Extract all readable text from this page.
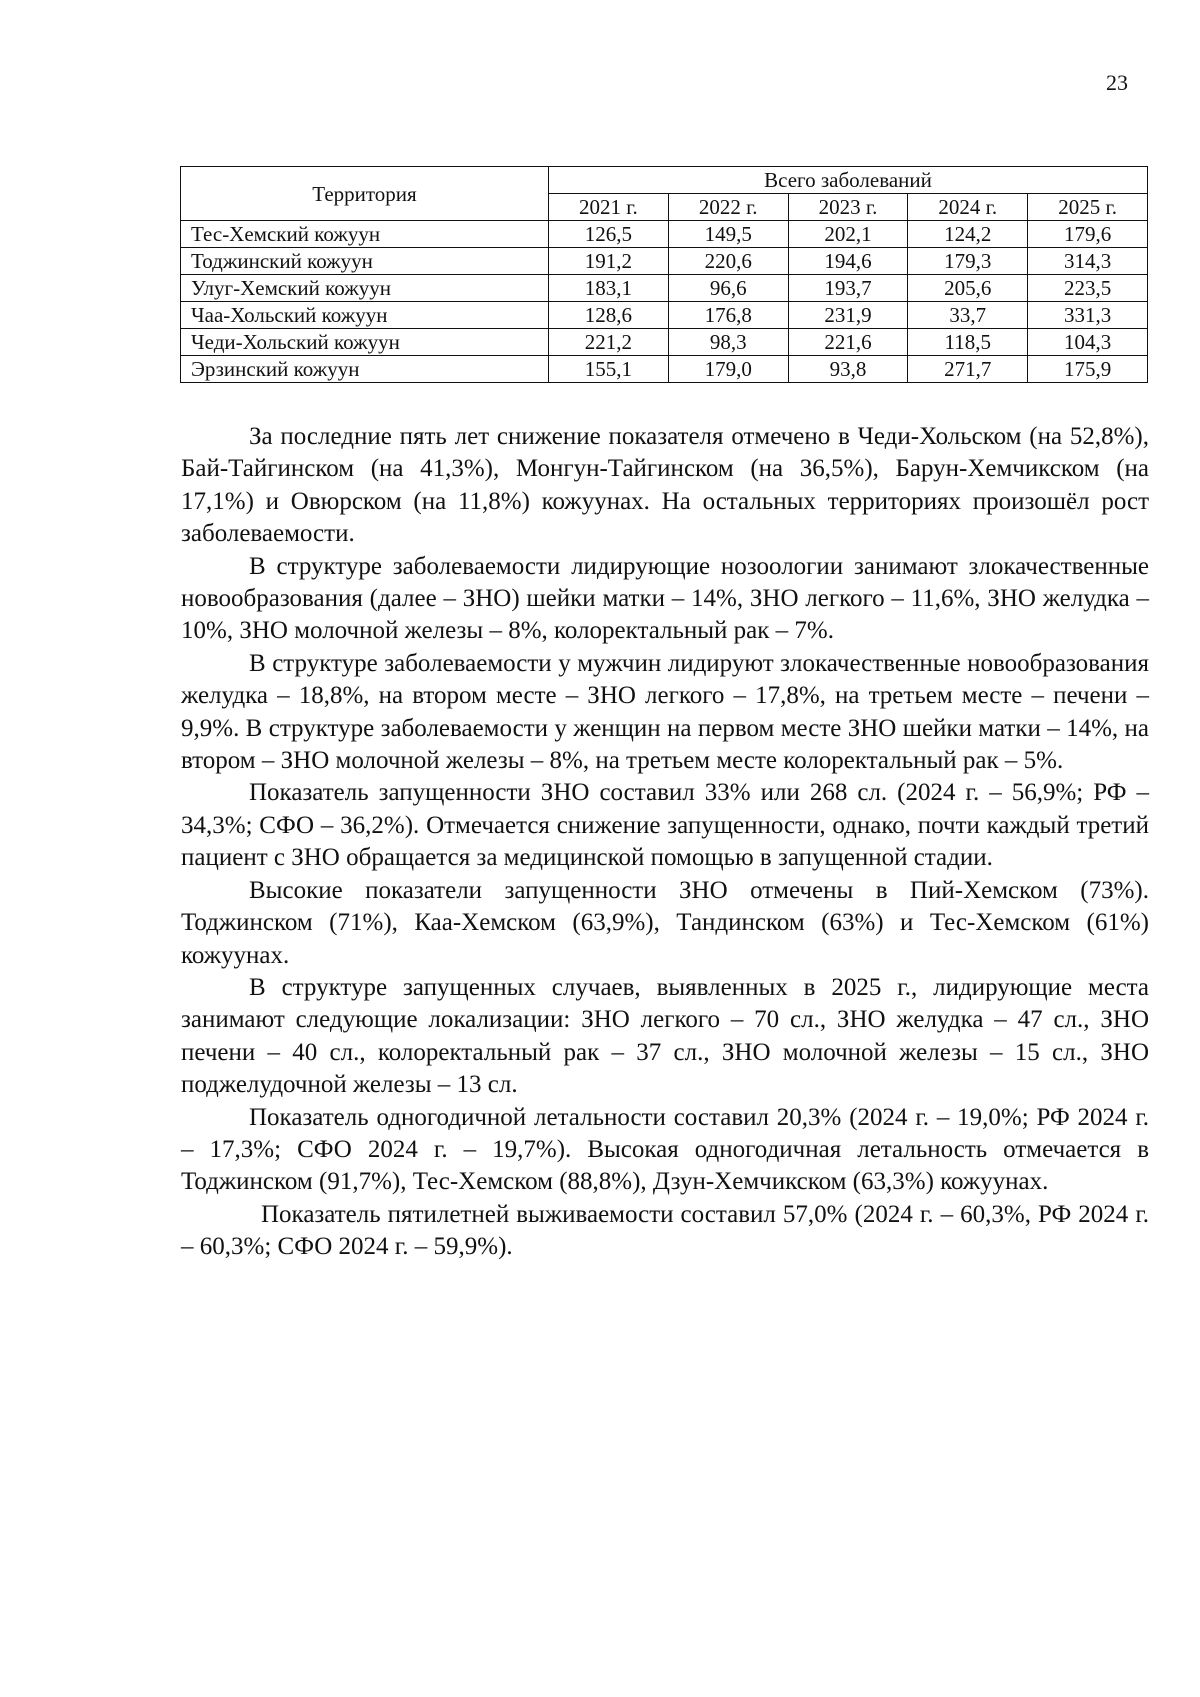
23
Территория	Всего заболеваний				
	2021 г.	2022 г.	2023 г.	2024 г.	2025 г.
Тес-Хемский кожуун	126,5	149,5	202,1	124,2	179,6
Тоджинский кожуун	191,2	220,6	194,6	179,3	314,3
Улуг-Хемский кожуун	183,1	96,6	193,7	205,6	223,5
Чаа-Хольский кожуун	128,6	176,8	231,9	33,7	331,3
Чеди-Хольский кожуун	221,2	98,3	221,6	118,5	104,3
Эрзинский кожуун	155,1	179,0	93,8	271,7	175,9

За последние пять лет снижение показателя отмечено в Чеди-Хольском (на 52,8%), Бай-Тайгинском (на 41,3%), Монгун-Тайгинском (на 36,5%), Барун-Хемчикском (на 17,1%) и Овюрском (на 11,8%) кожуунах. На остальных территориях произошёл рост заболеваемости.

В структуре заболеваемости лидирующие нозоологии занимают злокачественные новообразования (далее – ЗНО) шейки матки – 14%, ЗНО легкого – 11,6%, ЗНО желудка – 10%, ЗНО молочной железы – 8%, колоректальный рак – 7%.

В структуре заболеваемости у мужчин лидируют злокачественные новообразования желудка – 18,8%, на втором месте – ЗНО легкого – 17,8%, на третьем месте – печени – 9,9%. В структуре заболеваемости у женщин на первом месте ЗНО шейки матки – 14%, на втором – ЗНО молочной железы – 8%, на третьем месте колоректальный рак – 5%.

Показатель запущенности ЗНО составил 33% или 268 сл. (2024 г. – 56,9%; РФ – 34,3%; СФО – 36,2%). Отмечается снижение запущенности, однако, почти каждый третий пациент с ЗНО обращается за медицинской помощью в запущенной стадии.

Высокие показатели запущенности ЗНО отмечены в Пий-Хемском (73%). Тоджинском (71%), Каа-Хемском (63,9%), Тандинском (63%) и Тес-Хемском (61%) кожуунах.

В структуре запущенных случаев, выявленных в 2025 г., лидирующие места занимают следующие локализации: ЗНО легкого – 70 сл., ЗНО желудка – 47 сл., ЗНО печени – 40 сл., колоректальный рак – 37 сл., ЗНО молочной железы – 15 сл., ЗНО поджелудочной железы – 13 сл.

Показатель одногодичной летальности составил 20,3% (2024 г. – 19,0%; РФ 2024 г. – 17,3%; СФО 2024 г. – 19,7%). Высокая одногодичная летальность отмечается в Тоджинском (91,7%), Тес-Хемском (88,8%), Дзун-Хемчикском (63,3%) кожуунах.

Показатель пятилетней выживаемости составил 57,0% (2024 г. – 60,3%, РФ 2024 г. – 60,3%; СФО 2024 г. – 59,9%).
